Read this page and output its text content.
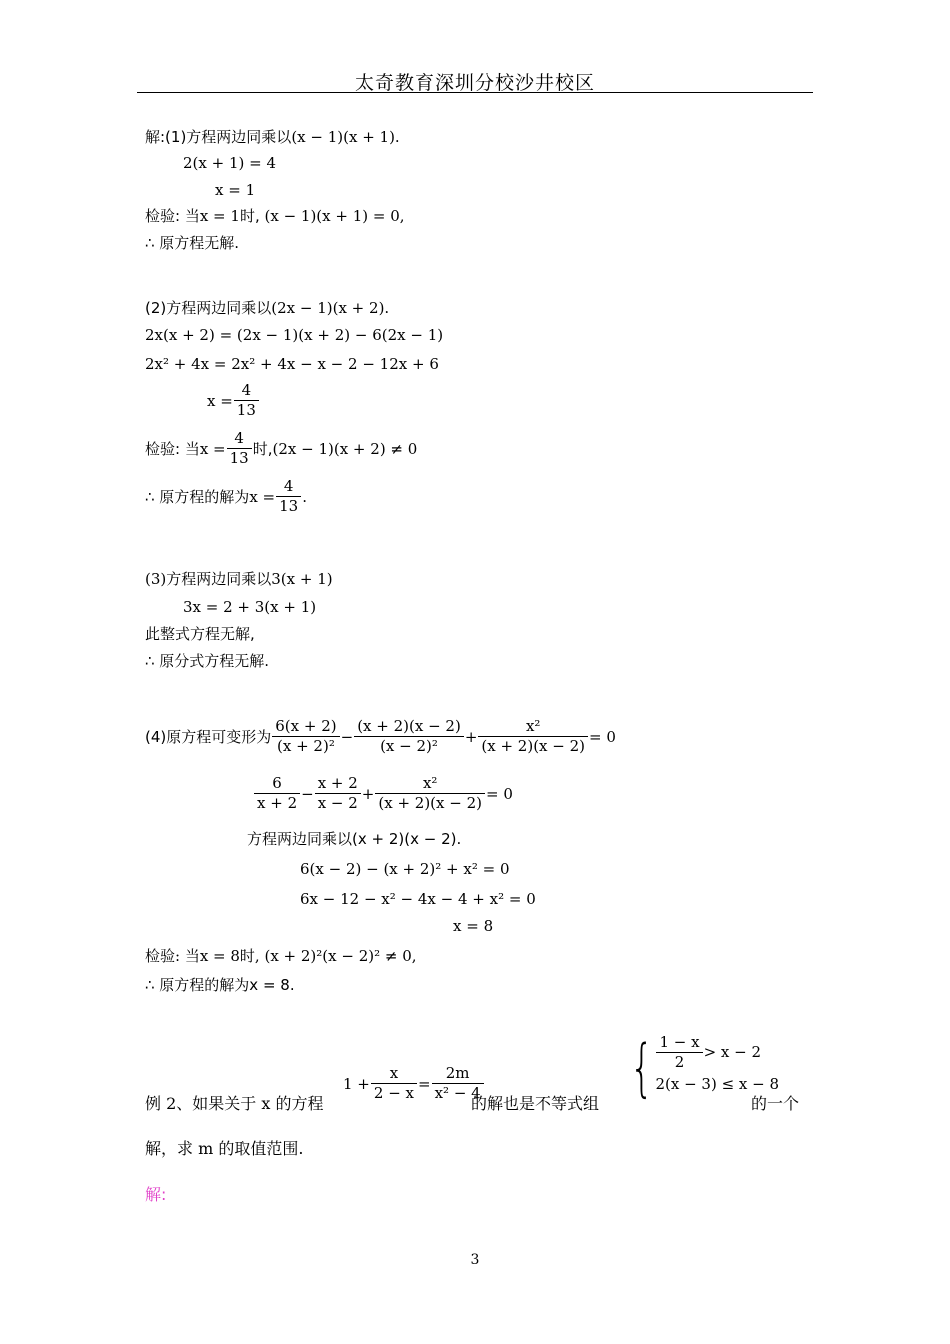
太奇教育深圳分校沙井校区
解:(1)方程两边同乘以(x − 1)(x + 1).
2(x + 1) = 4
x = 1
检验: 当x = 1时, (x − 1)(x + 1) = 0,
∴ 原方程无解.
(2)方程两边同乘以(2x − 1)(x + 2).
2x(x + 2) = (2x − 1)(x + 2) − 6(2x − 1)
2x² + 4x = 2x² + 4x − x − 2 − 12x + 6
$x = \frac{4}{13}$
检验: 当 $x = \frac{4}{13}$ 时, (2x − 1)(x + 2) ≠ 0
∴ 原方程的解为 $x = \frac{4}{13}$ .
(3)方程两边同乘以3(x + 1)
3x = 2 + 3(x + 1)
此整式方程无解,
∴ 原分式方程无解.
(4)原方程可变形为 $\frac{6(x + 2)}{\text{(x + 2)²}} - \frac{(x + 2)(x - 2)}{\text{(x − 2)²}} + \frac{\text{x²}}{(x + 2)(x - 2)} = 0$
$\frac{6}{x + 2} - \frac{x + 2}{x - 2} + \frac{\text{x²}}{(x + 2)(x - 2)} = 0$
方程两边同乘以(x + 2)(x − 2).
6(x − 2) − (x + 2)² + x² = 0
6x − 12 − x² − 4x − 4 + x² = 0
x = 8
检验: 当x = 8时, (x + 2)²(x − 2)² ≠ 0,
∴ 原方程的解为x = 8.
例 2、如果关于 x 的方程
$1 + \frac{x}{2 - x} = \frac{2m}{\text{x² − 4}}$
的解也是不等式组 { $\frac{1 - x}{2} > x - 2$
2(x − 3) ≤ x − 8
的一个
解，求 m 的取值范围.
解:
3
